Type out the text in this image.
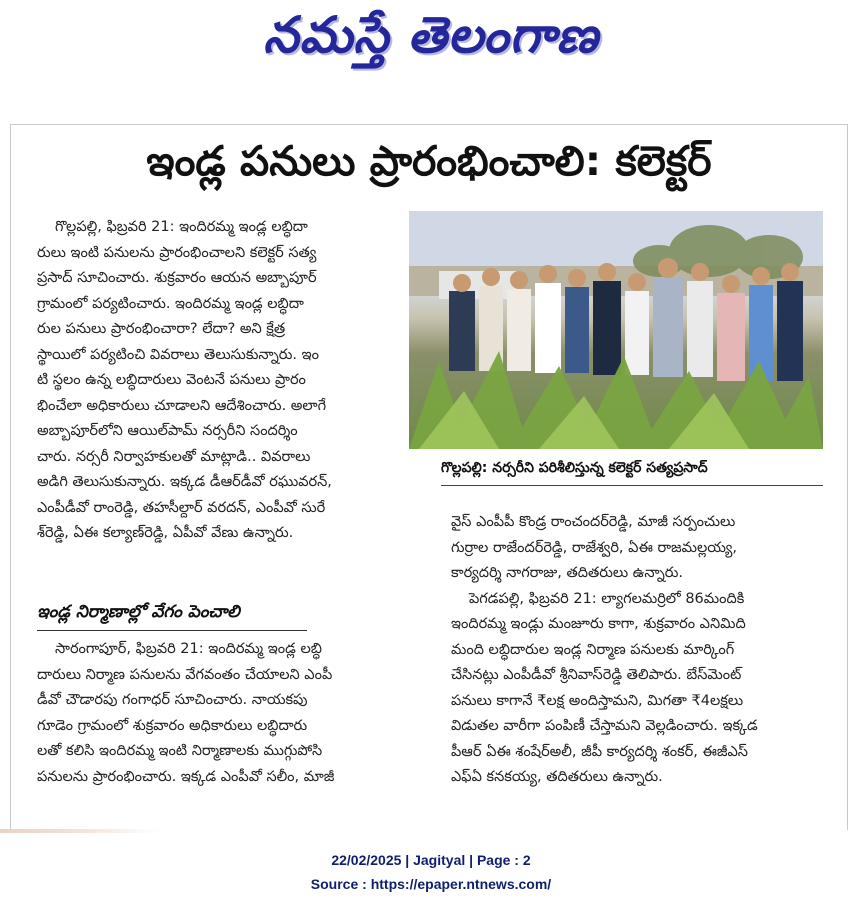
నమస్తే తెలంగాణ
ఇండ్ల పనులు ప్రారంభించాలి: కలెక్టర్
గొల్లపల్లి, ఫిబ్రవరి 21: ఇందిరమ్మ ఇండ్ల లబ్ధిదా
రులు ఇంటి పనులను ప్రారంభించాలని కలెక్టర్ సత్య
ప్రసాద్ సూచించారు. శుక్రవారం ఆయన అబ్బాపూర్
గ్రామంలో పర్యటించారు. ఇందిరమ్మ ఇండ్ల లబ్ధిదా
రుల పనులు ప్రారంభించారా? లేదా? అని క్షేత్ర
స్థాయిలో పర్యటించి వివరాలు తెలుసుకున్నారు. ఇం
టి స్థలం ఉన్న లబ్ధిదారులు వెంటనే పనులు ప్రారం
భించేలా అధికారులు చూడాలని ఆదేశించారు. అలాగే
అబ్బాపూర్‌లోని ఆయిల్‌పామ్ నర్సరీని సందర్శిం
చారు. నర్సరీ నిర్వాహకులతో మాట్లాడి.. వివరాలు
అడిగి తెలుసుకున్నారు. ఇక్కడ డీఆర్‌డీవో రఘువరన్,
ఎంపీడీవో రాంరెడ్డి, తహసీల్దార్ వరదన్, ఎంపీవో సురే
శ్‌రెడ్డి, ఏఈ కల్యాణ్‌రెడ్డి, ఏపీవో వేణు ఉన్నారు.
ఇండ్ల నిర్మాణాల్లో వేగం పెంచాలి
సారంగాపూర్, ఫిబ్రవరి 21: ఇందిరమ్మ ఇండ్ల లబ్ధి
దారులు నిర్మాణ పనులను వేగవంతం చేయాలని ఎంపీ
డీవో చౌడారపు గంగాధర్ సూచించారు. నాయకపు
గూడెం గ్రామంలో శుక్రవారం అధికారులు లబ్ధిదారు
లతో కలిసి ఇందిరమ్మ ఇంటి నిర్మాణాలకు ముగ్గుపోసి
పనులను ప్రారంభించారు. ఇక్కడ ఎంపీవో సలీం, మాజీ
గొల్లపల్లి: నర్సరీని పరిశీలిస్తున్న కలెక్టర్ సత్యప్రసాద్
వైస్ ఎంపీపీ కొండ్ర రాంచందర్‌రెడ్డి, మాజీ సర్పంచులు
గుర్రాల రాజేందర్‌రెడ్డి, రాజేశ్వరి, ఏఈ రాజమల్లయ్య,
కార్యదర్శి నాగరాజు, తదితరులు ఉన్నారు.
పెగడపల్లి, ఫిబ్రవరి 21: ల్యాగలమర్రిలో 86మందికి
ఇందిరమ్మ ఇండ్లు మంజూరు కాగా, శుక్రవారం ఎనిమిది
మంది లబ్ధిదారుల ఇండ్ల నిర్మాణ పనులకు మార్కింగ్
చేసినట్లు ఎంపీడీవో శ్రీనివాస్‌రెడ్డి తెలిపారు. బేస్‌మెంట్
పనులు కాగానే ₹లక్ష అందిస్తామని, మిగతా ₹4లక్షలు
విడుతల వారీగా పంపిణీ చేస్తామని వెల్లడించారు. ఇక్కడ
పీఆర్ ఏఈ శంషేర్‌అలీ, జీపీ కార్యదర్శి శంకర్, ఈజీఎస్
ఎఫ్ఏ కనకయ్య, తదితరులు ఉన్నారు.
22/02/2025 | Jagityal | Page : 2
Source : https://epaper.ntnews.com/
